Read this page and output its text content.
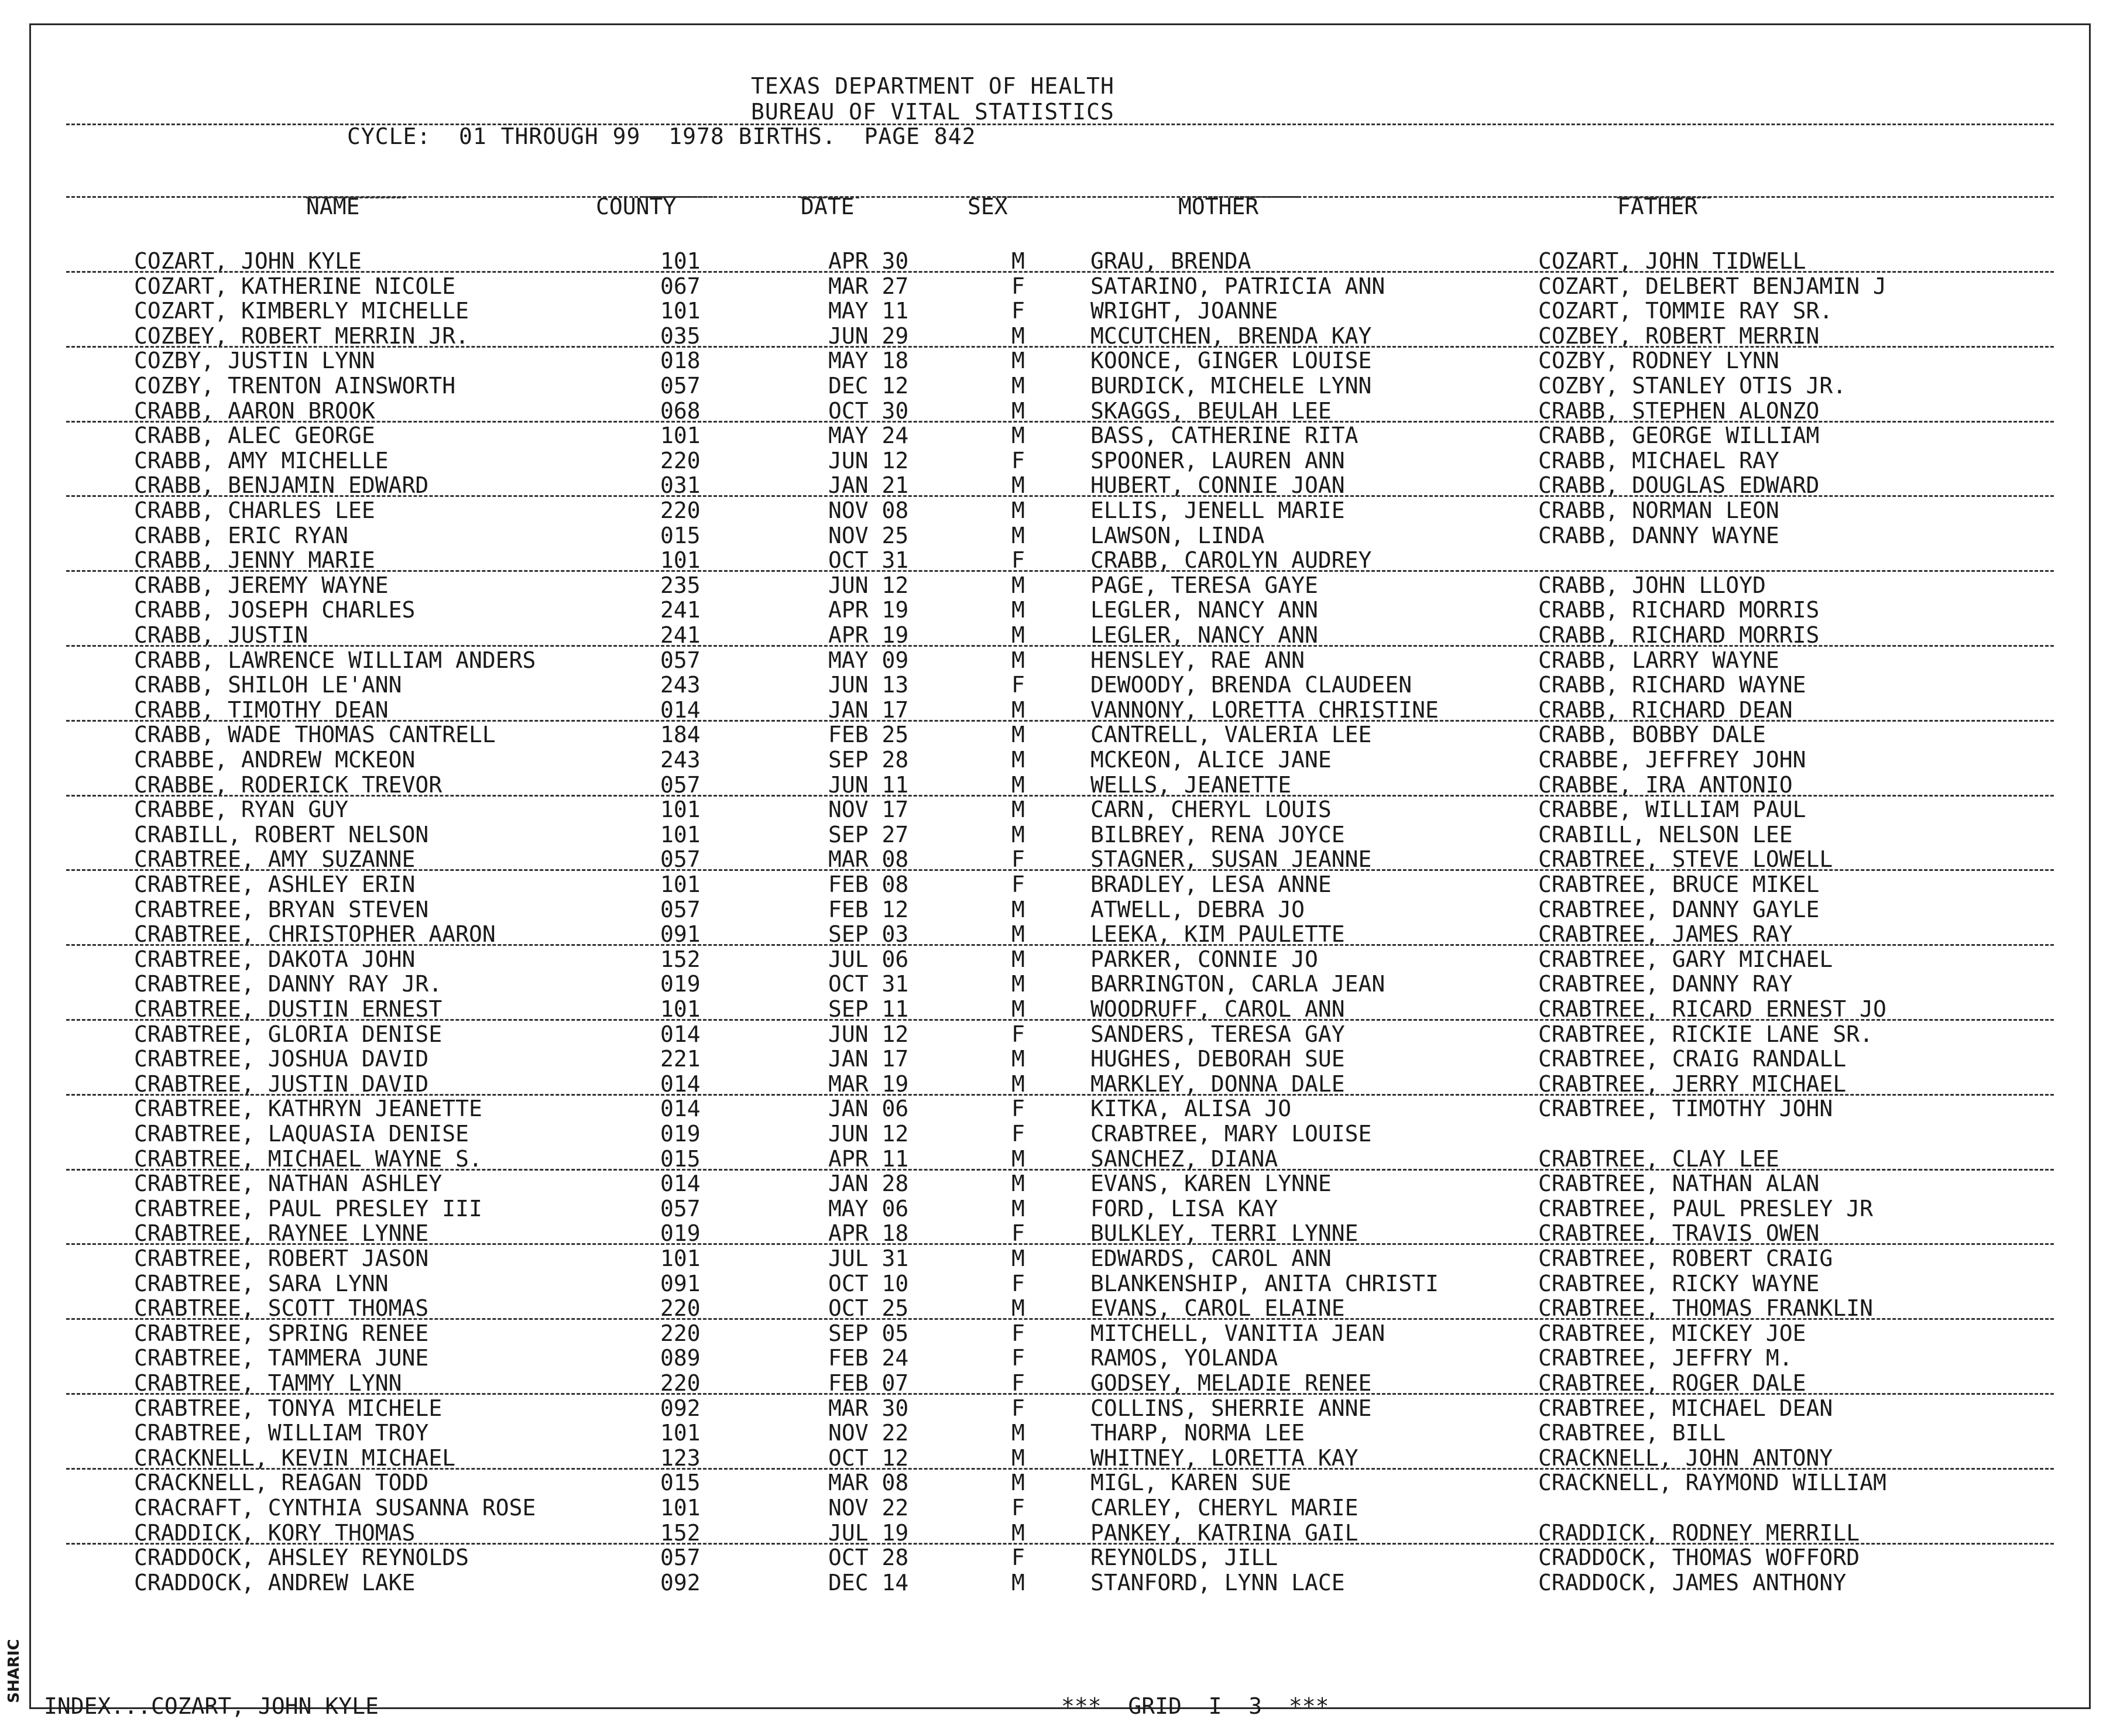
SHARIC
TEXAS DEPARTMENT OF HEALTH
BUREAU OF VITAL STATISTICS
CYCLE:  01 THROUGH 99  1978 BIRTHS.  PAGE 842
NAME	COUNTY	DATE	SEX	MOTHER	FATHER
COZART, JOHN KYLE	101	APR 30	M	GRAU, BRENDA	COZART, JOHN TIDWELL
COZART, KATHERINE NICOLE	067	MAR 27	F	SATARINO, PATRICIA ANN	COZART, DELBERT BENJAMIN J
COZART, KIMBERLY MICHELLE	101	MAY 11	F	WRIGHT, JOANNE	COZART, TOMMIE RAY SR.
COZBEY, ROBERT MERRIN JR.	035	JUN 29	M	MCCUTCHEN, BRENDA KAY	COZBEY, ROBERT MERRIN
COZBY, JUSTIN LYNN	018	MAY 18	M	KOONCE, GINGER LOUISE	COZBY, RODNEY LYNN
COZBY, TRENTON AINSWORTH	057	DEC 12	M	BURDICK, MICHELE LYNN	COZBY, STANLEY OTIS JR.
CRABB, AARON BROOK	068	OCT 30	M	SKAGGS, BEULAH LEE	CRABB, STEPHEN ALONZO
CRABB, ALEC GEORGE	101	MAY 24	M	BASS, CATHERINE RITA	CRABB, GEORGE WILLIAM
CRABB, AMY MICHELLE	220	JUN 12	F	SPOONER, LAUREN ANN	CRABB, MICHAEL RAY
CRABB, BENJAMIN EDWARD	031	JAN 21	M	HUBERT, CONNIE JOAN	CRABB, DOUGLAS EDWARD
CRABB, CHARLES LEE	220	NOV 08	M	ELLIS, JENELL MARIE	CRABB, NORMAN LEON
CRABB, ERIC RYAN	015	NOV 25	M	LAWSON, LINDA	CRABB, DANNY WAYNE
CRABB, JENNY MARIE	101	OCT 31	F	CRABB, CAROLYN AUDREY
CRABB, JEREMY WAYNE	235	JUN 12	M	PAGE, TERESA GAYE	CRABB, JOHN LLOYD
CRABB, JOSEPH CHARLES	241	APR 19	M	LEGLER, NANCY ANN	CRABB, RICHARD MORRIS
CRABB, JUSTIN	241	APR 19	M	LEGLER, NANCY ANN	CRABB, RICHARD MORRIS
CRABB, LAWRENCE WILLIAM ANDERS	057	MAY 09	M	HENSLEY, RAE ANN	CRABB, LARRY WAYNE
CRABB, SHILOH LE'ANN	243	JUN 13	F	DEWOODY, BRENDA CLAUDEEN	CRABB, RICHARD WAYNE
CRABB, TIMOTHY DEAN	014	JAN 17	M	VANNONY, LORETTA CHRISTINE	CRABB, RICHARD DEAN
CRABB, WADE THOMAS CANTRELL	184	FEB 25	M	CANTRELL, VALERIA LEE	CRABB, BOBBY DALE
CRABBE, ANDREW MCKEON	243	SEP 28	M	MCKEON, ALICE JANE	CRABBE, JEFFREY JOHN
CRABBE, RODERICK TREVOR	057	JUN 11	M	WELLS, JEANETTE	CRABBE, IRA ANTONIO
CRABBE, RYAN GUY	101	NOV 17	M	CARN, CHERYL LOUIS	CRABBE, WILLIAM PAUL
CRABILL, ROBERT NELSON	101	SEP 27	M	BILBREY, RENA JOYCE	CRABILL, NELSON LEE
CRABTREE, AMY SUZANNE	057	MAR 08	F	STAGNER, SUSAN JEANNE	CRABTREE, STEVE LOWELL
CRABTREE, ASHLEY ERIN	101	FEB 08	F	BRADLEY, LESA ANNE	CRABTREE, BRUCE MIKEL
CRABTREE, BRYAN STEVEN	057	FEB 12	M	ATWELL, DEBRA JO	CRABTREE, DANNY GAYLE
CRABTREE, CHRISTOPHER AARON	091	SEP 03	M	LEEKA, KIM PAULETTE	CRABTREE, JAMES RAY
CRABTREE, DAKOTA JOHN	152	JUL 06	M	PARKER, CONNIE JO	CRABTREE, GARY MICHAEL
CRABTREE, DANNY RAY JR.	019	OCT 31	M	BARRINGTON, CARLA JEAN	CRABTREE, DANNY RAY
CRABTREE, DUSTIN ERNEST	101	SEP 11	M	WOODRUFF, CAROL ANN	CRABTREE, RICARD ERNEST JO
CRABTREE, GLORIA DENISE	014	JUN 12	F	SANDERS, TERESA GAY	CRABTREE, RICKIE LANE SR.
CRABTREE, JOSHUA DAVID	221	JAN 17	M	HUGHES, DEBORAH SUE	CRABTREE, CRAIG RANDALL
CRABTREE, JUSTIN DAVID	014	MAR 19	M	MARKLEY, DONNA DALE	CRABTREE, JERRY MICHAEL
CRABTREE, KATHRYN JEANETTE	014	JAN 06	F	KITKA, ALISA JO	CRABTREE, TIMOTHY JOHN
CRABTREE, LAQUASIA DENISE	019	JUN 12	F	CRABTREE, MARY LOUISE
CRABTREE, MICHAEL WAYNE S.	015	APR 11	M	SANCHEZ, DIANA	CRABTREE, CLAY LEE
CRABTREE, NATHAN ASHLEY	014	JAN 28	M	EVANS, KAREN LYNNE	CRABTREE, NATHAN ALAN
CRABTREE, PAUL PRESLEY III	057	MAY 06	M	FORD, LISA KAY	CRABTREE, PAUL PRESLEY JR
CRABTREE, RAYNEE LYNNE	019	APR 18	F	BULKLEY, TERRI LYNNE	CRABTREE, TRAVIS OWEN
CRABTREE, ROBERT JASON	101	JUL 31	M	EDWARDS, CAROL ANN	CRABTREE, ROBERT CRAIG
CRABTREE, SARA LYNN	091	OCT 10	F	BLANKENSHIP, ANITA CHRISTI	CRABTREE, RICKY WAYNE
CRABTREE, SCOTT THOMAS	220	OCT 25	M	EVANS, CAROL ELAINE	CRABTREE, THOMAS FRANKLIN
CRABTREE, SPRING RENEE	220	SEP 05	F	MITCHELL, VANITIA JEAN	CRABTREE, MICKEY JOE
CRABTREE, TAMMERA JUNE	089	FEB 24	F	RAMOS, YOLANDA	CRABTREE, JEFFRY M.
CRABTREE, TAMMY LYNN	220	FEB 07	F	GODSEY, MELADIE RENEE	CRABTREE, ROGER DALE
CRABTREE, TONYA MICHELE	092	MAR 30	F	COLLINS, SHERRIE ANNE	CRABTREE, MICHAEL DEAN
CRABTREE, WILLIAM TROY	101	NOV 22	M	THARP, NORMA LEE	CRABTREE, BILL
CRACKNELL, KEVIN MICHAEL	123	OCT 12	M	WHITNEY, LORETTA KAY	CRACKNELL, JOHN ANTONY
CRACKNELL, REAGAN TODD	015	MAR 08	M	MIGL, KAREN SUE	CRACKNELL, RAYMOND WILLIAM
CRACRAFT, CYNTHIA SUSANNA ROSE	101	NOV 22	F	CARLEY, CHERYL MARIE
CRADDICK, KORY THOMAS	152	JUL 19	M	PANKEY, KATRINA GAIL	CRADDICK, RODNEY MERRILL
CRADDOCK, AHSLEY REYNOLDS	057	OCT 28	F	REYNOLDS, JILL	CRADDOCK, THOMAS WOFFORD
CRADDOCK, ANDREW LAKE	092	DEC 14	M	STANFORD, LYNN LACE	CRADDOCK, JAMES ANTHONY
INDEX...COZART, JOHN KYLE	***  GRID  I  3  ***
